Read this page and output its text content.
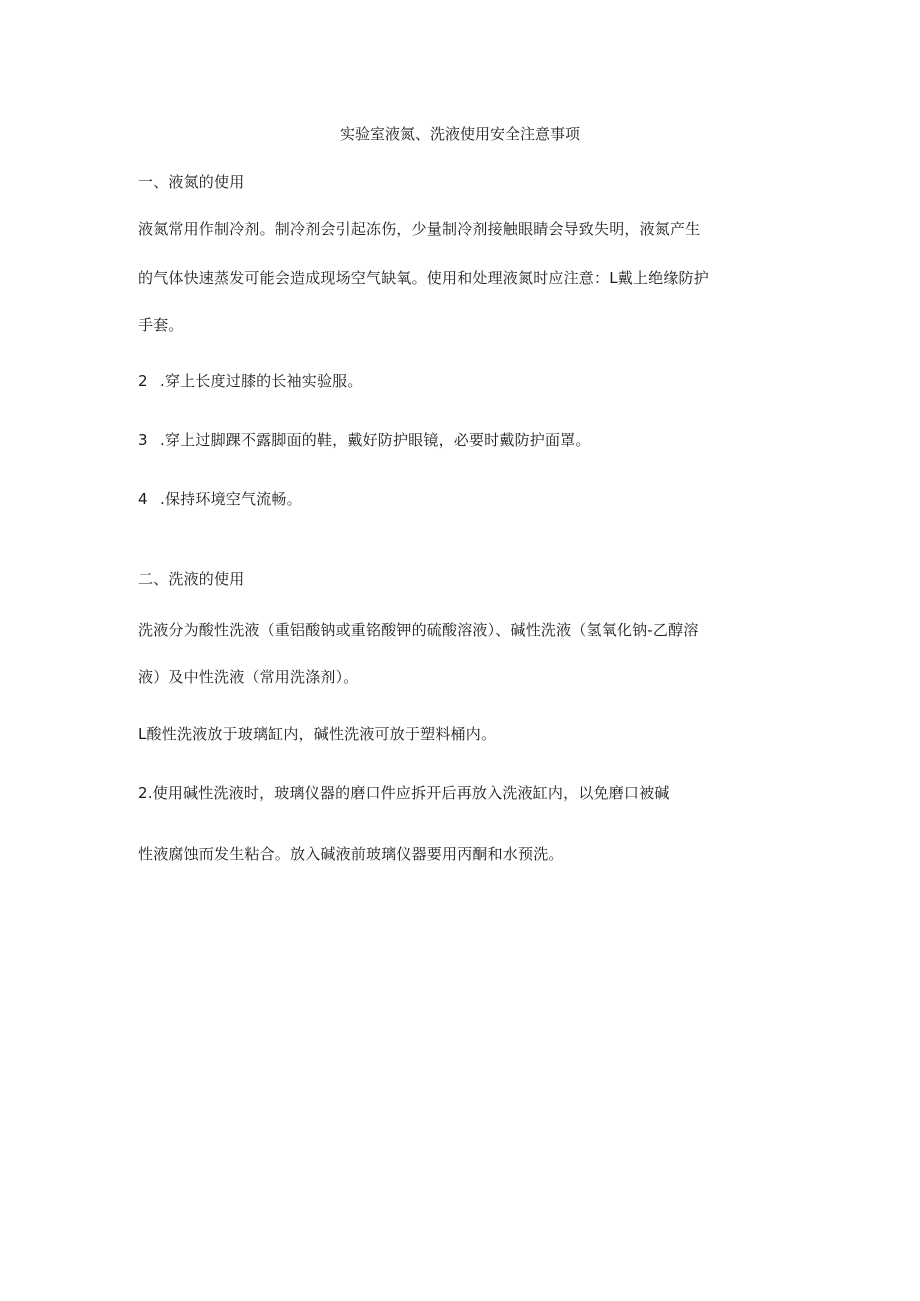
实验室液氮、洗液使用安全注意事项
一、液氮的使用
液氮常用作制冷剂。制冷剂会引起冻伤，少量制冷剂接触眼睛会导致失明，液氮产生
的气体快速蒸发可能会造成现场空气缺氧。使用和处理液氮时应注意：L戴上绝缘防护
手套。
2 .穿上长度过膝的长袖实验服。
3 .穿上过脚踝不露脚面的鞋，戴好防护眼镜，必要时戴防护面罩。
4 .保持环境空气流畅。
二、洗液的使用
洗液分为酸性洗液（重铝酸钠或重铭酸钾的硫酸溶液）、碱性洗液（氢氧化钠-乙醇溶
液）及中性洗液（常用洗涤剂）。
L酸性洗液放于玻璃缸内，碱性洗液可放于塑料桶内。
2.使用碱性洗液时，玻璃仪器的磨口件应拆开后再放入洗液缸内，以免磨口被碱
性液腐蚀而发生粘合。放入碱液前玻璃仪器要用丙酮和水预洗。
